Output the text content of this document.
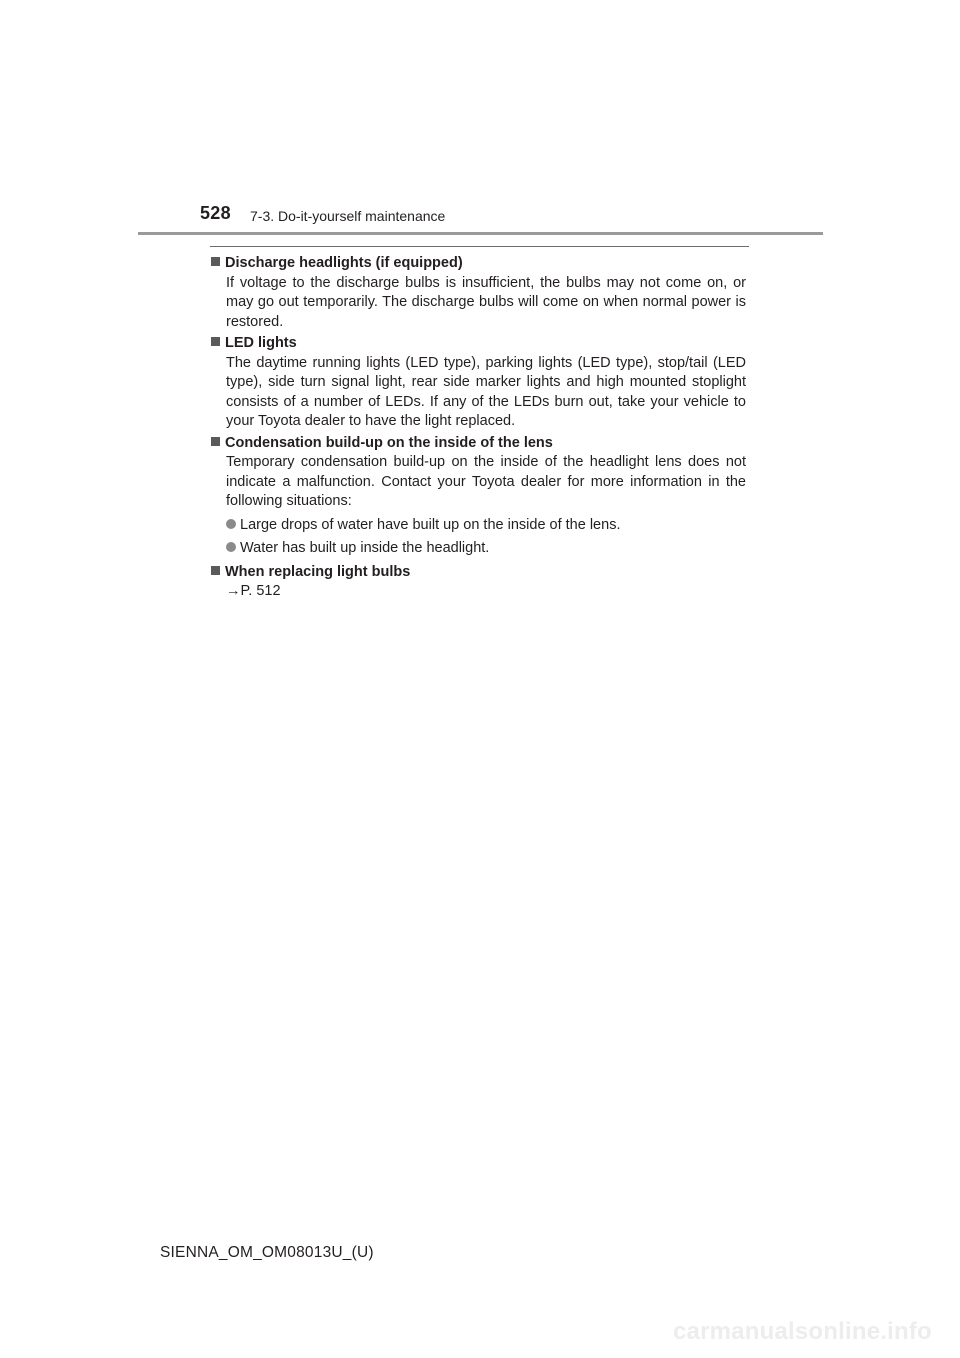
528 7-3. Do-it-yourself maintenance
Discharge headlights (if equipped)
If voltage to the discharge bulbs is insufficient, the bulbs may not come on, or may go out temporarily. The discharge bulbs will come on when normal power is restored.
LED lights
The daytime running lights (LED type), parking lights (LED type), stop/tail (LED type), side turn signal light, rear side marker lights and high mounted stoplight consists of a number of LEDs. If any of the LEDs burn out, take your vehicle to your Toyota dealer to have the light replaced.
Condensation build-up on the inside of the lens
Temporary condensation build-up on the inside of the headlight lens does not indicate a malfunction. Contact your Toyota dealer for more information in the following situations:
Large drops of water have built up on the inside of the lens.
Water has built up inside the headlight.
When replacing light bulbs
→P. 512
SIENNA_OM_OM08013U_(U)
carmanualsonline.info
